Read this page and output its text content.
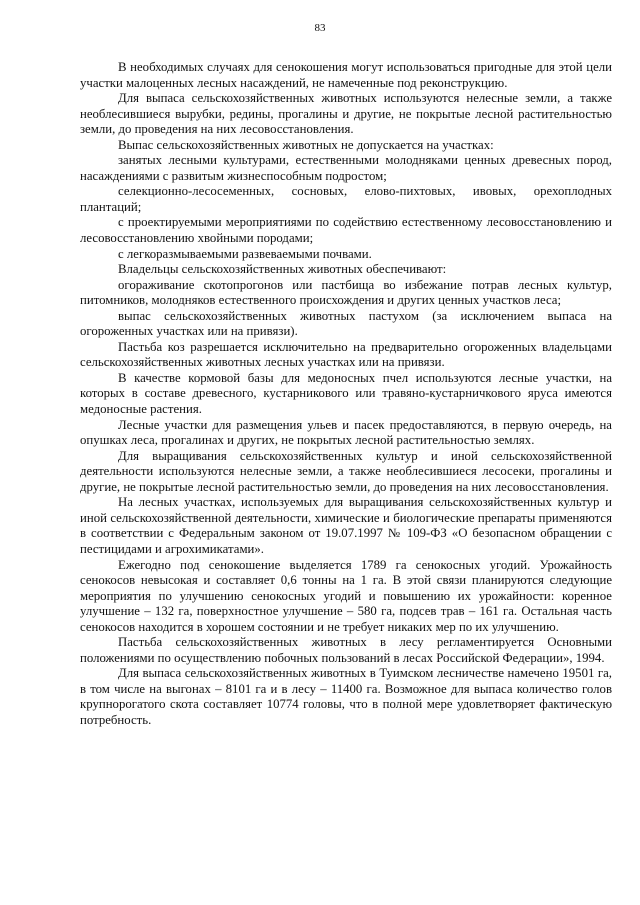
83

В необходимых случаях для сенокошения могут использоваться пригодные для этой цели участки малоценных лесных насаждений, не намеченные под реконструкцию.

Для выпаса сельскохозяйственных животных используются нелесные земли, а также необлесившиеся вырубки, редины, прогалины и другие, не покрытые лесной растительностью земли, до проведения на них лесовосстановления.

Выпас сельскохозяйственных животных не допускается на участках:

занятых лесными культурами, естественными молодняками ценных древесных пород, насаждениями с развитым жизнеспособным подростом;

селекционно-лесосеменных, сосновых, елово-пихтовых, ивовых, орехоплодных плантаций;

с проектируемыми мероприятиями по содействию естественному лесовосстановлению и лесовосстановлению хвойными породами;

с легкоразмываемыми развеваемыми почвами.

Владельцы сельскохозяйственных животных обеспечивают:

огораживание скотопрогонов или пастбища во избежание потрав лесных культур, питомников, молодняков естественного происхождения и других ценных участков леса;

выпас сельскохозяйственных животных пастухом (за исключением выпаса на огороженных участках или на привязи).

Пастьба коз разрешается исключительно на предварительно огороженных владельцами сельскохозяйственных животных лесных участках или на привязи.

В качестве кормовой базы для медоносных пчел используются лесные участки, на которых в составе древесного, кустарникового или травяно-кустарничкового яруса имеются медоносные растения.

Лесные участки для размещения ульев и пасек предоставляются, в первую очередь, на опушках леса, прогалинах и других, не покрытых лесной растительностью землях.

Для выращивания сельскохозяйственных культур и иной сельскохозяйственной деятельности используются нелесные земли, а также необлесившиеся лесосеки, прогалины и другие, не покрытые лесной растительностью земли, до проведения на них лесовосстановления.

На лесных участках, используемых для выращивания сельскохозяйственных культур и иной сельскохозяйственной деятельности, химические и биологические препараты применяются в соответствии с Федеральным законом от 19.07.1997 № 109-ФЗ «О безопасном обращении с пестицидами и агрохимикатами».

Ежегодно под сенокошение выделяется 1789 га сенокосных угодий. Урожайность сенокосов невысокая и составляет 0,6 тонны на 1 га. В этой связи планируются следующие мероприятия по улучшению сенокосных угодий и повышению их урожайности: коренное улучшение – 132 га, поверхностное улучшение – 580 га, подсев трав – 161 га. Остальная часть сенокосов находится в хорошем состоянии и не требует никаких мер по их улучшению.

Пастьба сельскохозяйственных животных в лесу регламентируется Основными положениями по осуществлению побочных пользований в лесах Российской Федерации», 1994.

Для выпаса сельскохозяйственных животных в Туимском лесничестве намечено 19501 га, в том числе на выгонах – 8101 га и в лесу – 11400 га. Возможное для выпаса количество голов крупнорогатого скота составляет 10774 головы, что в полной мере удовлетворяет фактическую потребность.
